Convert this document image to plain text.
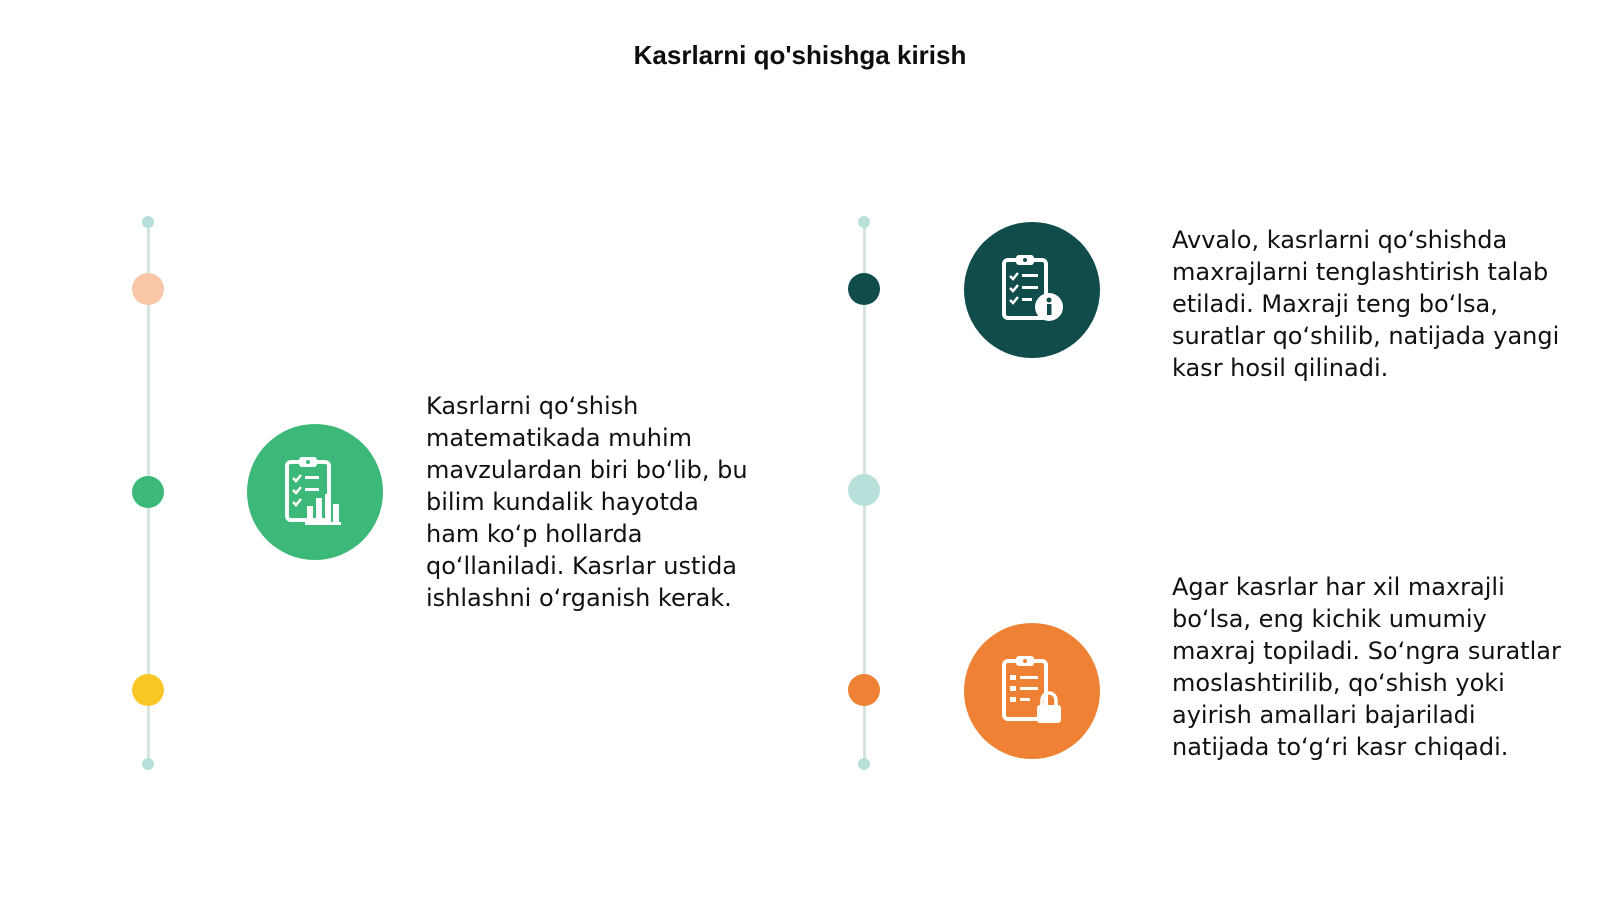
Kasrlarni qo'shishga kirish
Kasrlarni qo‘shish matematikada muhim mavzulardan biri bo‘lib, bu bilim kundalik hayotda ham ko‘p hollarda qo‘llaniladi. Kasrlar ustida ishlashni o‘rganish kerak.
Avvalo, kasrlarni qo‘shishda maxrajlarni tenglashtirish talab etiladi. Maxraji teng bo‘lsa, suratlar qo‘shilib, natijada yangi kasr hosil qilinadi.
Agar kasrlar har xil maxrajli bo‘lsa, eng kichik umumiy maxraj topiladi. So‘ngra suratlar moslashtirilib, qo‘shish yoki ayirish amallari bajariladi natijada to‘g‘ri kasr chiqadi.
